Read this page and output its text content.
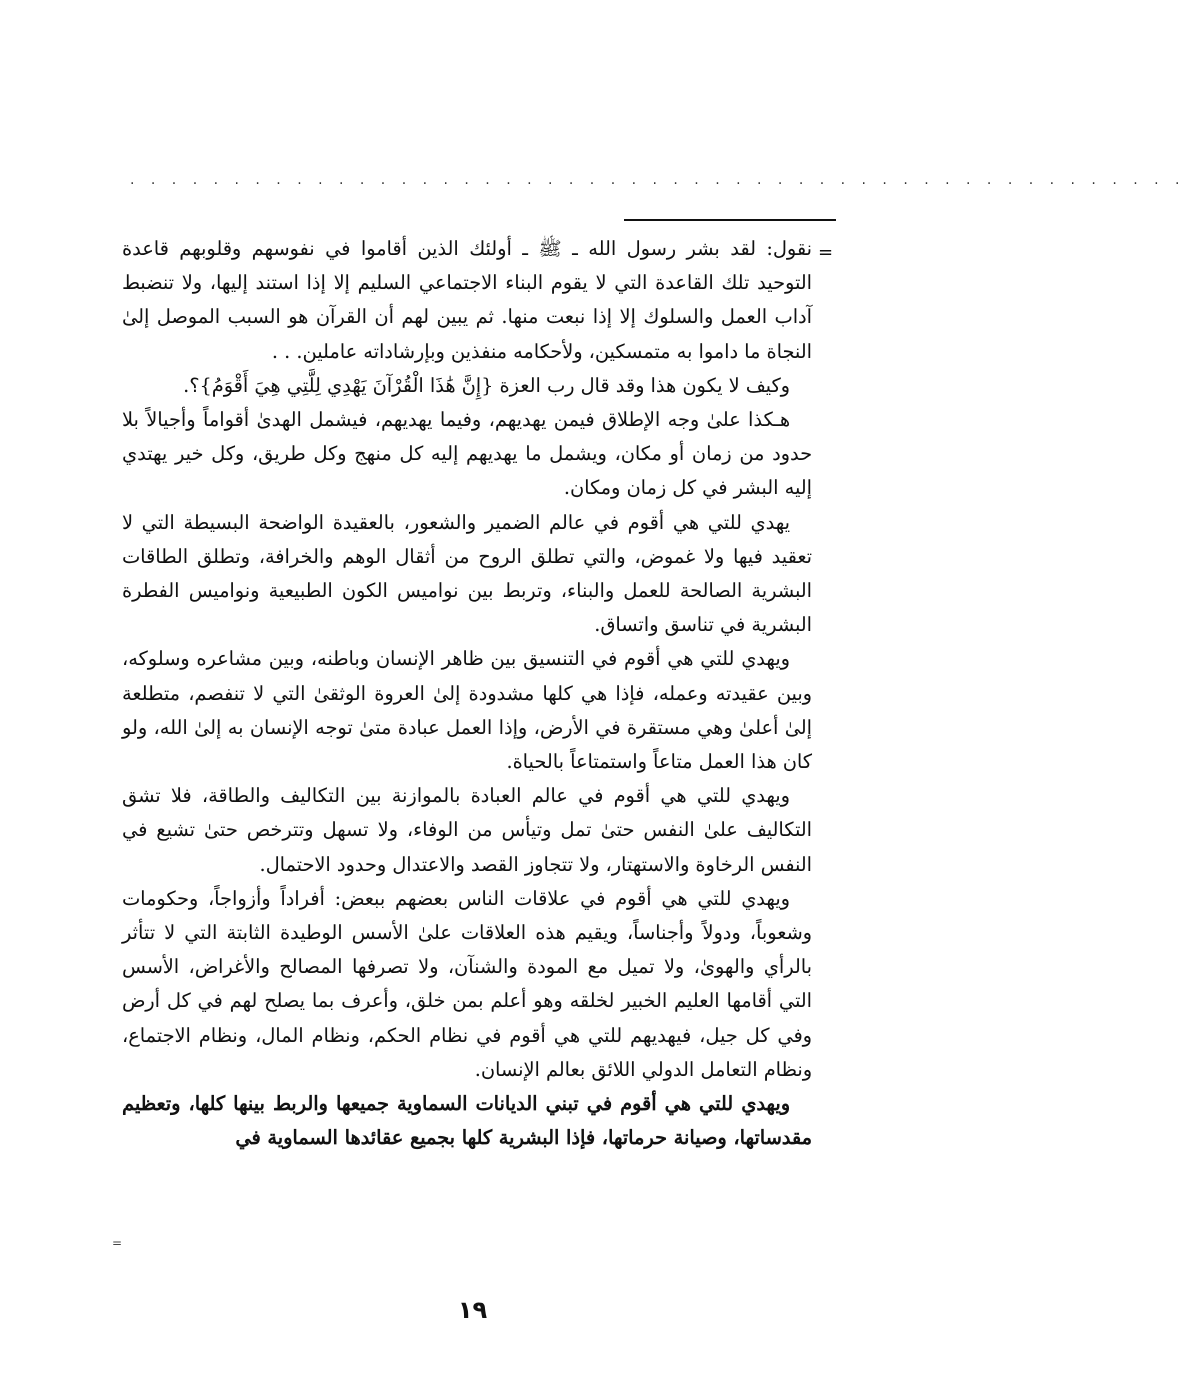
. . . . . . . . . . . . . . . . . . . . . . . . . . . . . . . . . . . . . . . . . . . . . . . . . . .
=

نقول: لقد بشر رسول الله ـ ﷺ ـ أولئك الذين أقاموا في نفوسهم وقلوبهم قاعدة التوحيد تلك القاعدة التي لا يقوم البناء الاجتماعي السليم إلا إذا استند إليها، ولا تنضبط آداب العمل والسلوك إلا إذا نبعت منها. ثم يبين لهم أن القرآن هو السبب الموصل إلىٰ النجاة ما داموا به متمسكين، ولأحكامه منفذين وبإرشاداته عاملين. . .

وكيف لا يكون هذا وقد قال رب العزة {إِنَّ هَٰذَا الْقُرْآنَ يَهْدِي لِلَّتِي هِيَ أَقْوَمُ}؟.

هـكذا علىٰ وجه الإطلاق فيمن يهديهم، وفيما يهديهم، فيشمل الهدىٰ أقواماً وأجيالاً بلا حدود من زمان أو مكان، ويشمل ما يهديهم إليه كل منهج وكل طريق، وكل خير يهتدي إليه البشر في كل زمان ومكان.

يهدي للتي هي أقوم في عالم الضمير والشعور، بالعقيدة الواضحة البسيطة التي لا تعقيد فيها ولا غموض، والتي تطلق الروح من أثقال الوهم والخرافة، وتطلق الطاقات البشرية الصالحة للعمل والبناء، وتربط بين نواميس الكون الطبيعية ونواميس الفطرة البشرية في تناسق واتساق.

ويهدي للتي هي أقوم في التنسيق بين ظاهر الإنسان وباطنه، وبين مشاعره وسلوكه، وبين عقيدته وعمله، فإذا هي كلها مشدودة إلىٰ العروة الوثقىٰ التي لا تنفصم، متطلعة إلىٰ أعلىٰ وهي مستقرة في الأرض، وإذا العمل عبادة متىٰ توجه الإنسان به إلىٰ الله، ولو كان هذا العمل متاعاً واستمتاعاً بالحياة.

ويهدي للتي هي أقوم في عالم العبادة بالموازنة بين التكاليف والطاقة، فلا تشق التكاليف علىٰ النفس حتىٰ تمل وتيأس من الوفاء، ولا تسهل وتترخص حتىٰ تشيع في النفس الرخاوة والاستهتار، ولا تتجاوز القصد والاعتدال وحدود الاحتمال.

ويهدي للتي هي أقوم في علاقات الناس بعضهم ببعض: أفراداً وأزواجاً، وحكومات وشعوباً، ودولاً وأجناساً، ويقيم هذه العلاقات علىٰ الأسس الوطيدة الثابتة التي لا تتأثر بالرأي والهوىٰ، ولا تميل مع المودة والشنآن، ولا تصرفها المصالح والأغراض، الأسس التي أقامها العليم الخبير لخلقه وهو أعلم بمن خلق، وأعرف بما يصلح لهم في كل أرض وفي كل جيل، فيهديهم للتي هي أقوم في نظام الحكم، ونظام المال، ونظام الاجتماع، ونظام التعامل الدولي اللائق بعالم الإنسان.

ويهدي للتي هي أقوم في تبني الديانات السماوية جميعها والربط بينها كلها، وتعظيم مقدساتها، وصيانة حرماتها، فإذا البشرية كلها بجميع عقائدها السماوية في

=
١٩
